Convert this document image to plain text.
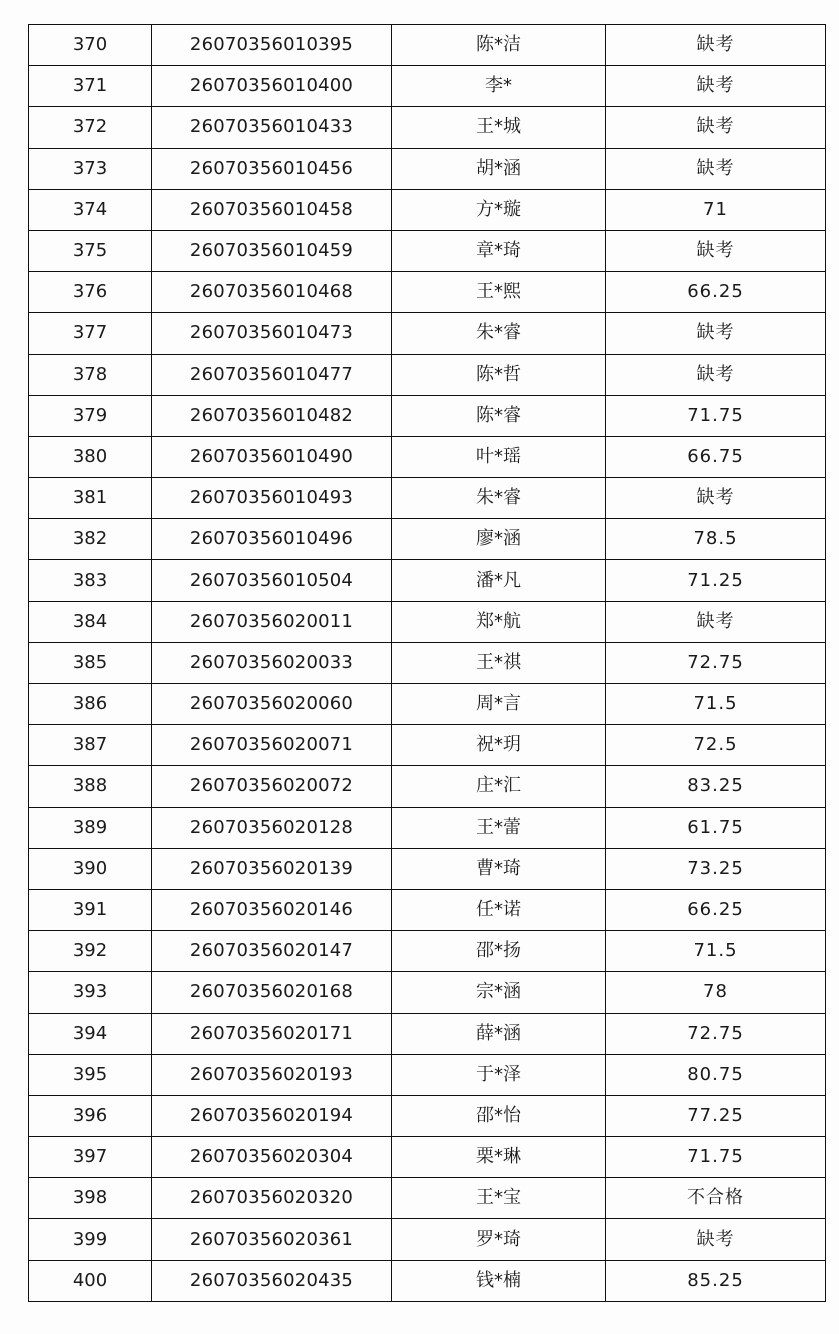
370	26070356010395	陈*洁	缺考
371	26070356010400	李*	缺考
372	26070356010433	王*城	缺考
373	26070356010456	胡*涵	缺考
374	26070356010458	方*璇	71
375	26070356010459	章*琦	缺考
376	26070356010468	王*熙	66.25
377	26070356010473	朱*睿	缺考
378	26070356010477	陈*哲	缺考
379	26070356010482	陈*睿	71.75
380	26070356010490	叶*瑶	66.75
381	26070356010493	朱*睿	缺考
382	26070356010496	廖*涵	78.5
383	26070356010504	潘*凡	71.25
384	26070356020011	郑*航	缺考
385	26070356020033	王*祺	72.75
386	26070356020060	周*言	71.5
387	26070356020071	祝*玥	72.5
388	26070356020072	庄*汇	83.25
389	26070356020128	王*蕾	61.75
390	26070356020139	曹*琦	73.25
391	26070356020146	任*诺	66.25
392	26070356020147	邵*扬	71.5
393	26070356020168	宗*涵	78
394	26070356020171	薛*涵	72.75
395	26070356020193	于*泽	80.75
396	26070356020194	邵*怡	77.25
397	26070356020304	栗*琳	71.75
398	26070356020320	王*宝	不合格
399	26070356020361	罗*琦	缺考
400	26070356020435	钱*楠	85.25
